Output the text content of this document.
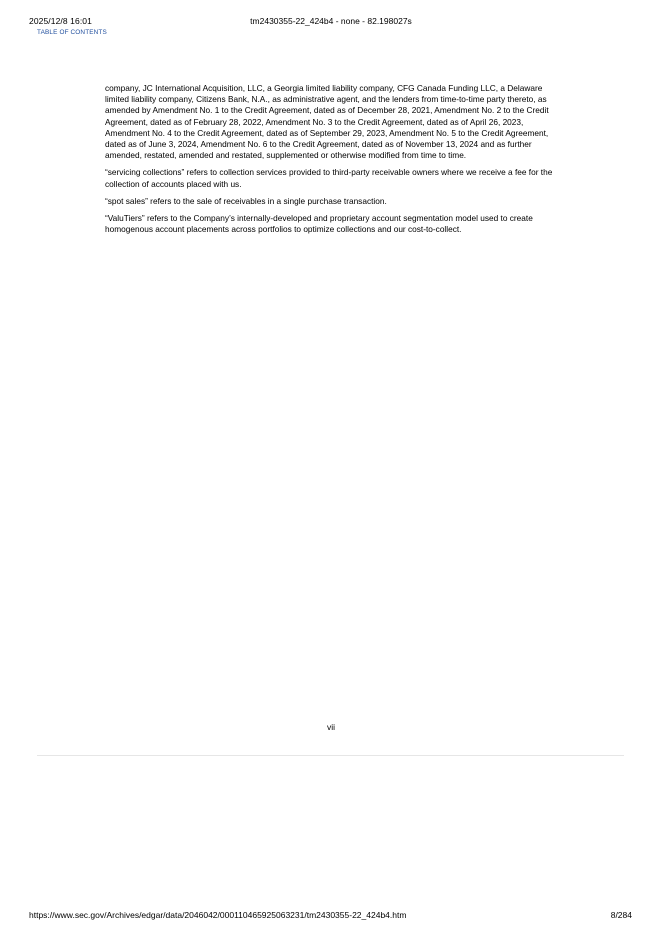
2025/12/8 16:01	tm2430355-22_424b4 - none - 82.198027s
TABLE OF CONTENTS

company, JC International Acquisition, LLC, a Georgia limited liability company, CFG Canada Funding LLC, a Delaware limited liability company, Citizens Bank, N.A., as administrative agent, and the lenders from time-to-time party thereto, as amended by Amendment No. 1 to the Credit Agreement, dated as of December 28, 2021, Amendment No. 2 to the Credit Agreement, dated as of February 28, 2022, Amendment No. 3 to the Credit Agreement, dated as of April 26, 2023, Amendment No. 4 to the Credit Agreement, dated as of September 29, 2023, Amendment No. 5 to the Credit Agreement, dated as of June 3, 2024, Amendment No. 6 to the Credit Agreement, dated as of November 13, 2024 and as further amended, restated, amended and restated, supplemented or otherwise modified from time to time.

“servicing collections” refers to collection services provided to third-party receivable owners where we receive a fee for the collection of accounts placed with us.

“spot sales” refers to the sale of receivables in a single purchase transaction.

“ValuTiers” refers to the Company’s internally-developed and proprietary account segmentation model used to create homogenous account placements across portfolios to optimize collections and our cost-to-collect.

vii
https://www.sec.gov/Archives/edgar/data/2046042/000110465925063231/tm2430355-22_424b4.htm	8/284
